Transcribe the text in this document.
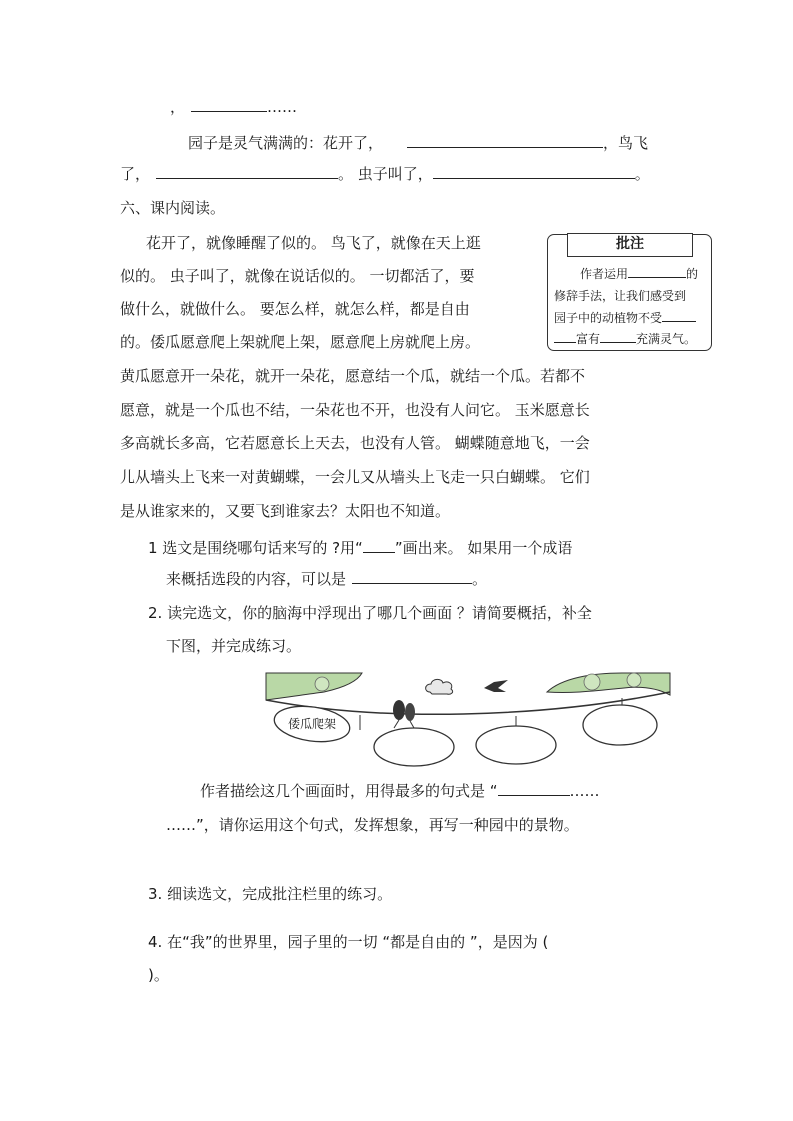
，	……
园子是灵气满满的：花开了，	，鸟飞
了，	。 虫子叫了，	。
六、课内阅读。
花开了，就像睡醒了似的。 鸟飞了，就像在天上逛
似的。 虫子叫了，就像在说话似的。 一切都活了，要
做什么，就做什么。 要怎么样，就怎么样，都是自由
的。倭瓜愿意爬上架就爬上架，愿意爬上房就爬上房。
黄瓜愿意开一朵花，就开一朵花，愿意结一个瓜，就结一个瓜。若都不
愿意，就是一个瓜也不结，一朵花也不开，也没有人问它。 玉米愿意长
多高就长多高，它若愿意长上天去，也没有人管。 蝴蝶随意地飞，一会
儿从墙头上飞来一对黄蝴蝶，一会儿又从墙头上飞走一只白蝴蝶。 它们
是从谁家来的，又要飞到谁家去？太阳也不知道。
批注
作者运用	的
修辞手法，让我们感受到
园子中的动植物不受
富有	充满灵气。
1 选文是围绕哪句话来写的 ?用“ ”画出来。 如果用一个成语
来概括选段的内容，可以是	。
2. 读完选文，你的脑海中浮现出了哪几个画面 ？请简要概括，补全
下图，并完成练习。
倭瓜爬架
作者描绘这几个画面时，用得最多的句式是 “	……
……”，请你运用这个句式，发挥想象，再写一种园中的景物。
3. 细读选文，完成批注栏里的练习。
4. 在“我”的世界里，园子里的一切 “都是自由的 ”，是因为 (
)。
